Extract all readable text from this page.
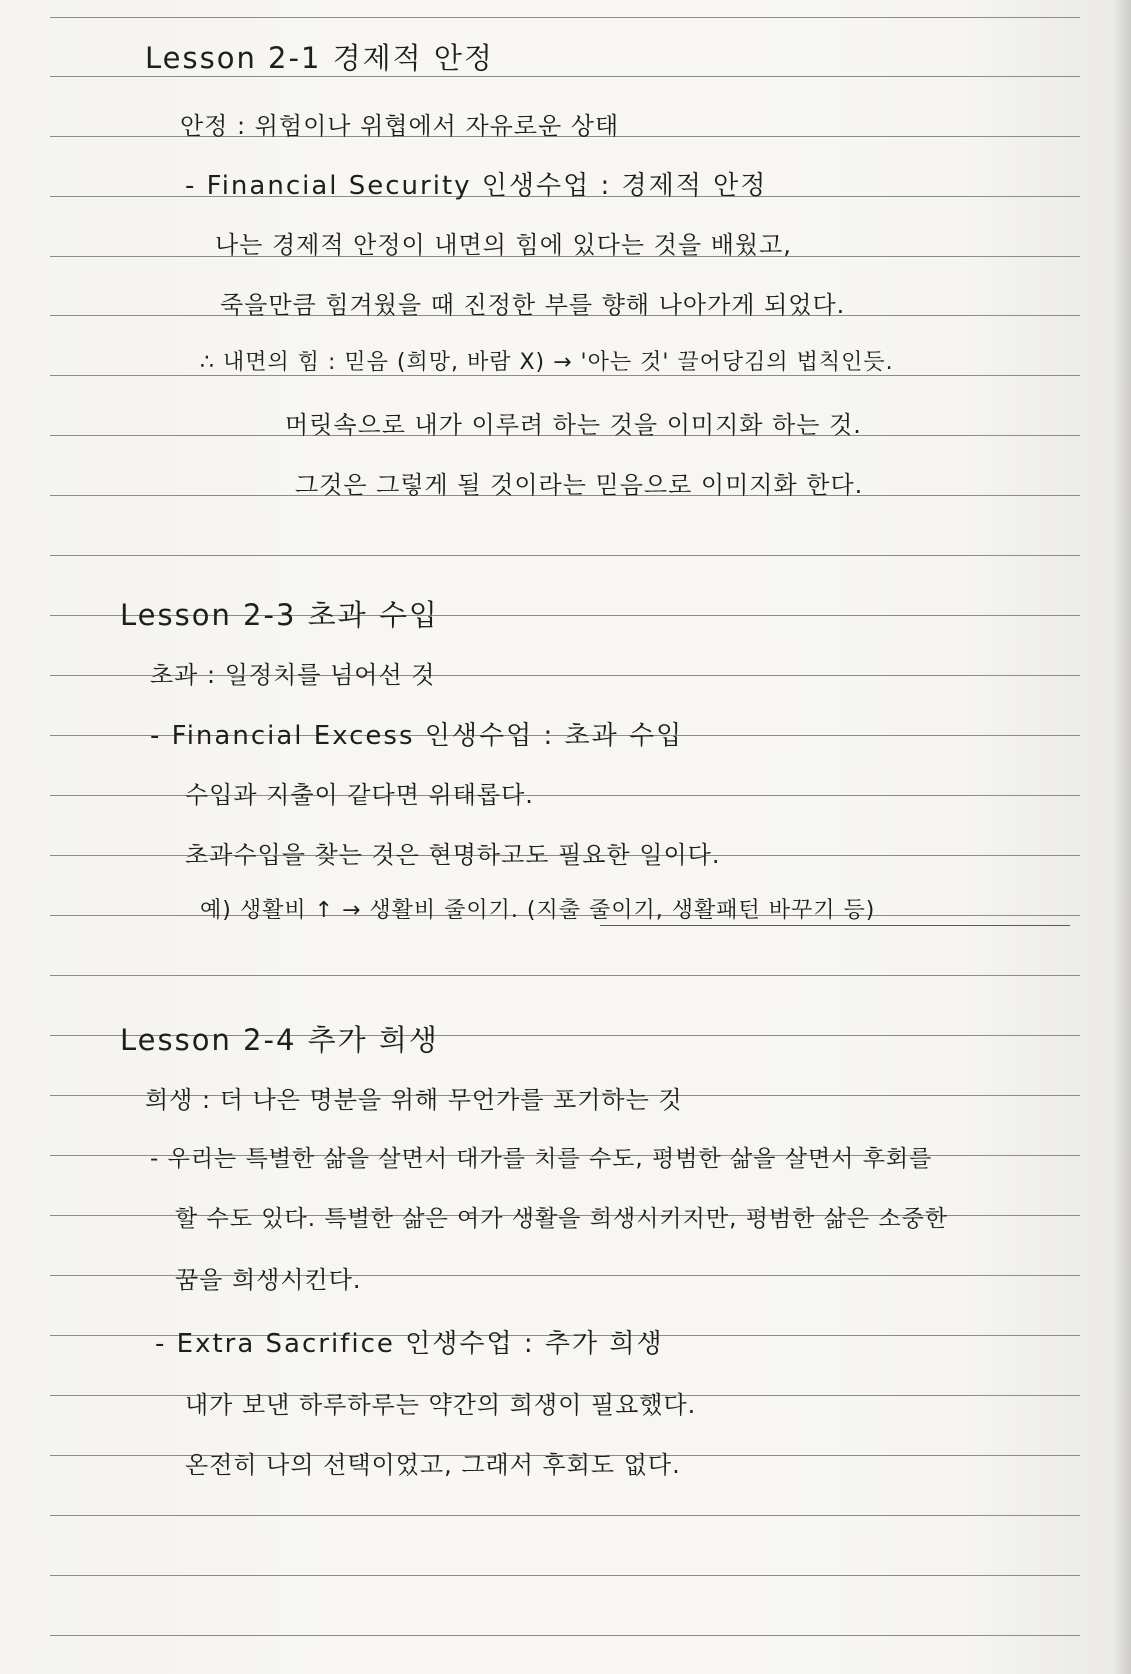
Lesson 2-1 경제적 안정
안정 : 위험이나 위협에서 자유로운 상태
- Financial Security 인생수업 : 경제적 안정
나는 경제적 안정이 내면의 힘에 있다는 것을 배웠고,
죽을만큼 힘겨웠을 때 진정한 부를 향해 나아가게 되었다.
∴ 내면의 힘 : 믿음 (희망, 바람 X) → '아는 것' 끌어당김의 법칙인듯.
머릿속으로 내가 이루려 하는 것을 이미지화 하는 것.
그것은 그렇게 될 것이라는 믿음으로 이미지화 한다.
Lesson 2-3 초과 수입
초과 : 일정치를 넘어선 것
- Financial Excess 인생수업 : 초과 수입
수입과 지출이 같다면 위태롭다.
초과수입을 찾는 것은 현명하고도 필요한 일이다.
예) 생활비 ↑ → 생활비 줄이기. (지출 줄이기, 생활패턴 바꾸기 등)
Lesson 2-4 추가 희생
희생 : 더 나은 명분을 위해 무언가를 포기하는 것
- 우리는 특별한 삶을 살면서 대가를 치를 수도, 평범한 삶을 살면서 후회를
할 수도 있다. 특별한 삶은 여가 생활을 희생시키지만, 평범한 삶은 소중한
꿈을 희생시킨다.
- Extra Sacrifice 인생수업 : 추가 희생
내가 보낸 하루하루는 약간의 희생이 필요했다.
온전히 나의 선택이었고, 그래서 후회도 없다.
